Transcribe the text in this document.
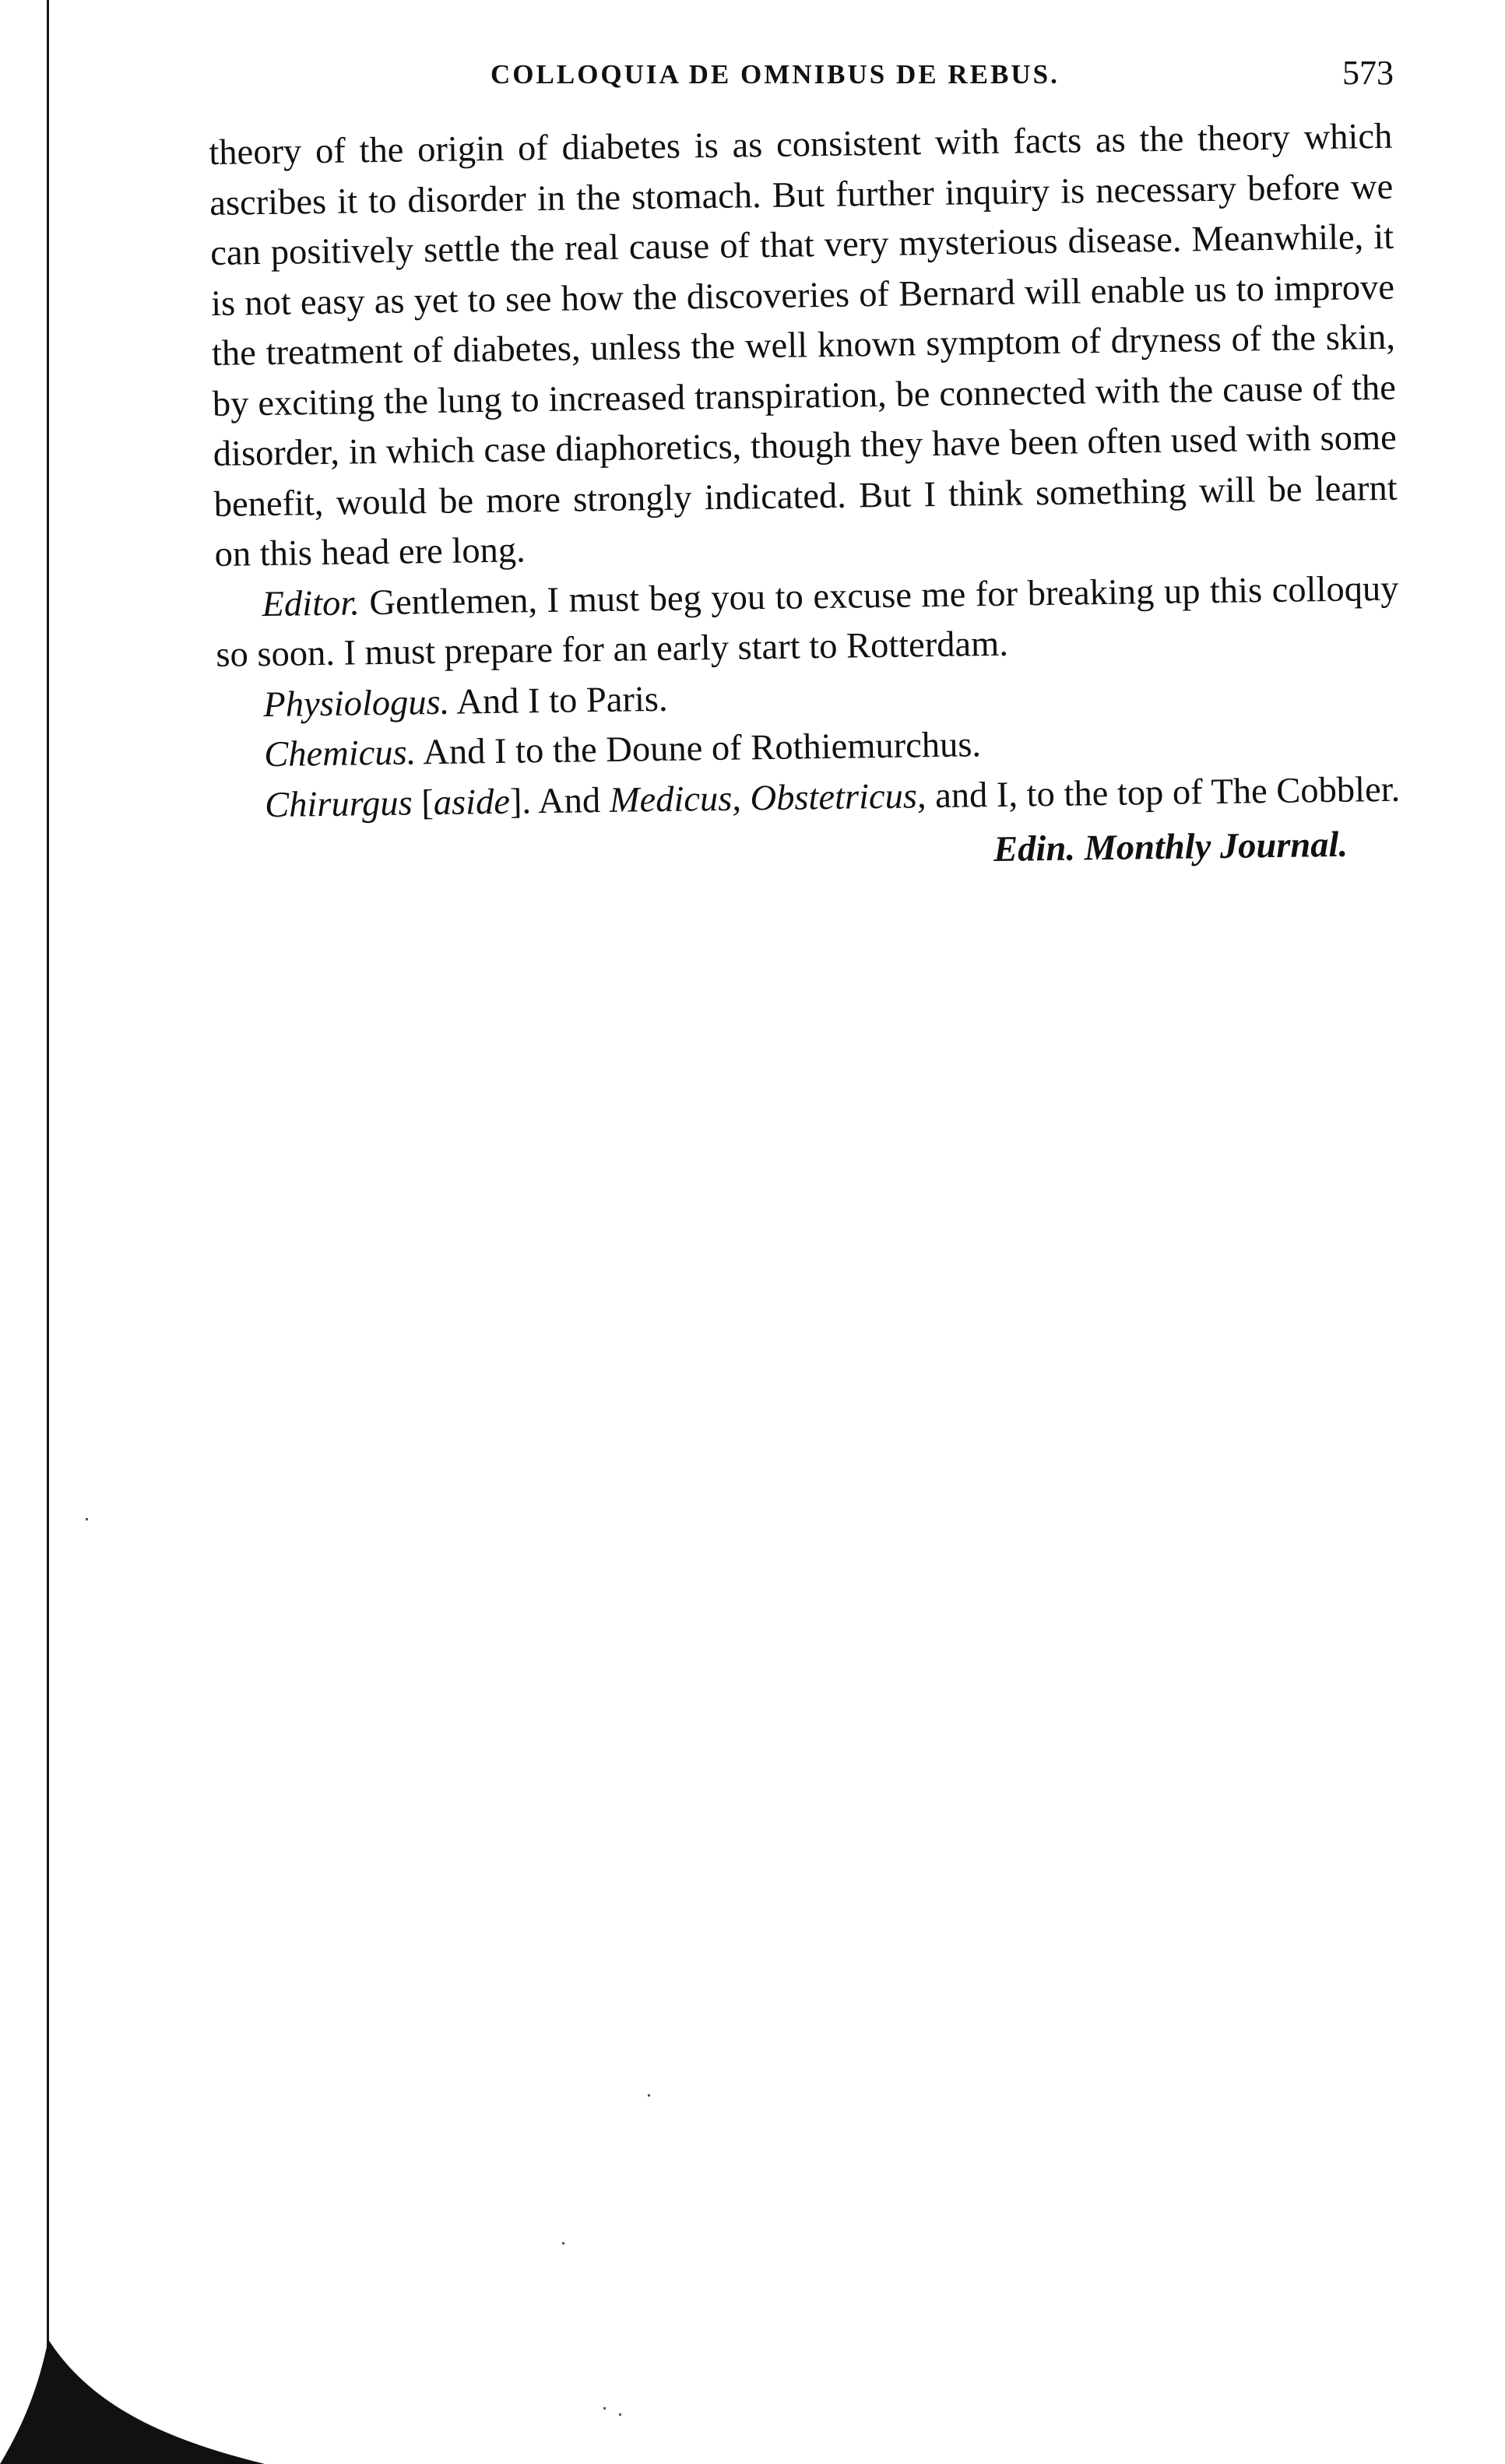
COLLOQUIA DE OMNIBUS DE REBUS.	573

theory of the origin of diabetes is as consistent with facts as the theory which ascribes it to disorder in the stomach. But further inquiry is necessary before we can positively settle the real cause of that very mysterious disease. Meanwhile, it is not easy as yet to see how the discoveries of Bernard will enable us to improve the treatment of diabetes, unless the well known symptom of dryness of the skin, by exciting the lung to increased transpiration, be connected with the cause of the disorder, in which case diaphoretics, though they have been often used with some benefit, would be more strongly indicated. But I think something will be learnt on this head ere long.

Editor. Gentlemen, I must beg you to excuse me for breaking up this colloquy so soon. I must prepare for an early start to Rotterdam.

Physiologus. And I to Paris.

Chemicus. And I to the Doune of Rothiemurchus.

Chirurgus [aside]. And Medicus, Obstetricus, and I, to the top of The Cobbler.

Edin. Monthly Journal.
